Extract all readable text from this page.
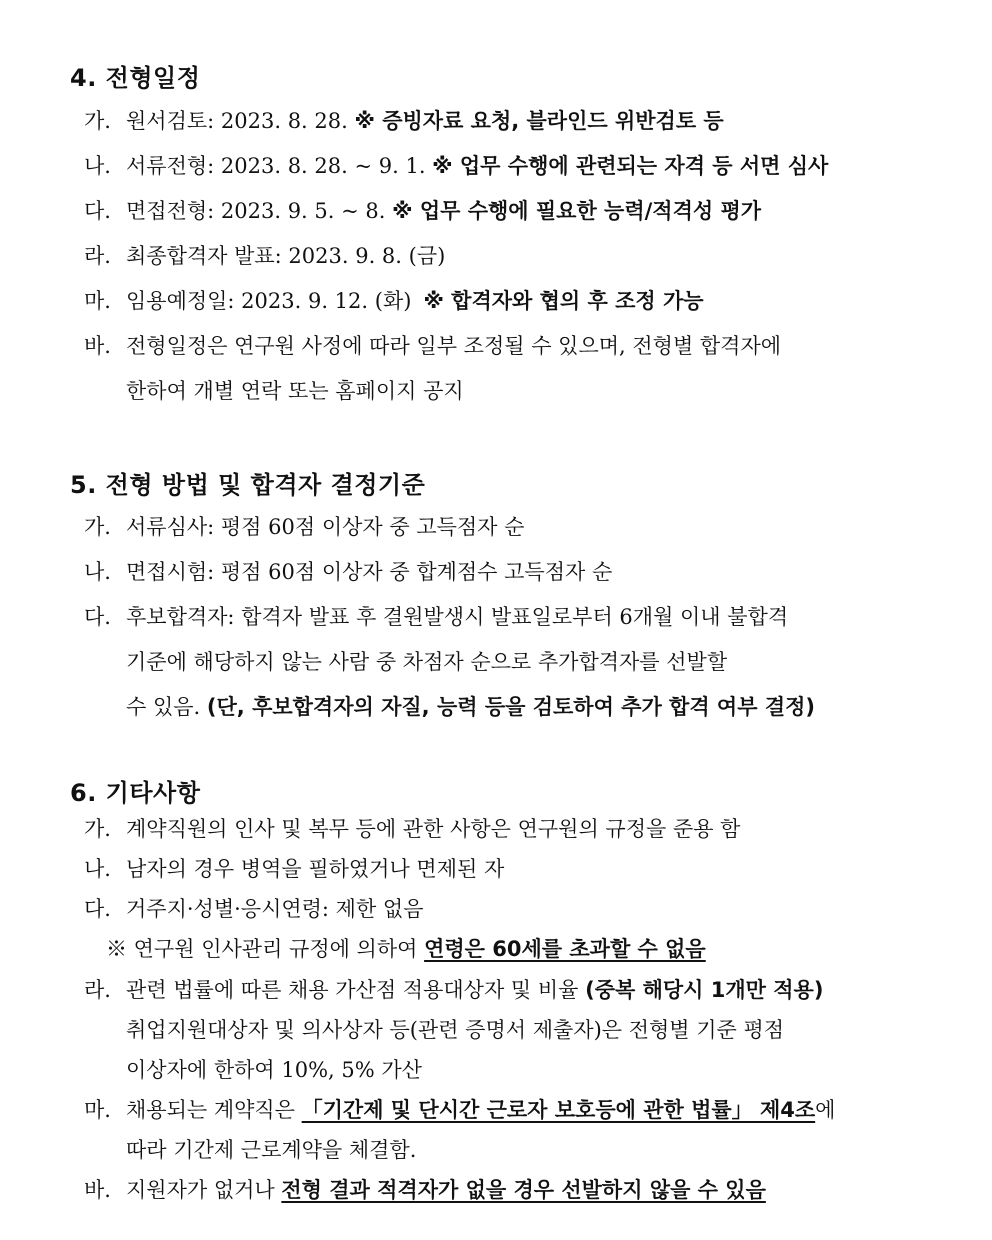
4. 전형일정
가. 원서검토: 2023. 8. 28. ※ 증빙자료 요청, 블라인드 위반검토 등
나. 서류전형: 2023. 8. 28. ~ 9. 1. ※ 업무 수행에 관련되는 자격 등 서면 심사
다. 면접전형: 2023. 9. 5. ~ 8. ※ 업무 수행에 필요한 능력/적격성 평가
라. 최종합격자 발표: 2023. 9. 8. (금)
마. 임용예정일: 2023. 9. 12. (화) ※ 합격자와 협의 후 조정 가능
바. 전형일정은 연구원 사정에 따라 일부 조정될 수 있으며, 전형별 합격자에
한하여 개별 연락 또는 홈페이지 공지
5. 전형 방법 및 합격자 결정기준
가. 서류심사: 평점 60점 이상자 중 고득점자 순
나. 면접시험: 평점 60점 이상자 중 합계점수 고득점자 순
다. 후보합격자: 합격자 발표 후 결원발생시 발표일로부터 6개월 이내 불합격
기준에 해당하지 않는 사람 중 차점자 순으로 추가합격자를 선발할
수 있음. (단, 후보합격자의 자질, 능력 등을 검토하여 추가 합격 여부 결정)
6. 기타사항
가. 계약직원의 인사 및 복무 등에 관한 사항은 연구원의 규정을 준용 함
나. 남자의 경우 병역을 필하였거나 면제된 자
다. 거주지·성별·응시연령: 제한 없음
※ 연구원 인사관리 규정에 의하여 연령은 60세를 초과할 수 없음
라. 관련 법률에 따른 채용 가산점 적용대상자 및 비율 (중복 해당시 1개만 적용)
취업지원대상자 및 의사상자 등(관련 증명서 제출자)은 전형별 기준 평점
이상자에 한하여 10%, 5% 가산
마. 채용되는 계약직은 「기간제 및 단시간 근로자 보호등에 관한 법률」 제4조에
따라 기간제 근로계약을 체결함.
바. 지원자가 없거나 전형 결과 적격자가 없을 경우 선발하지 않을 수 있음
